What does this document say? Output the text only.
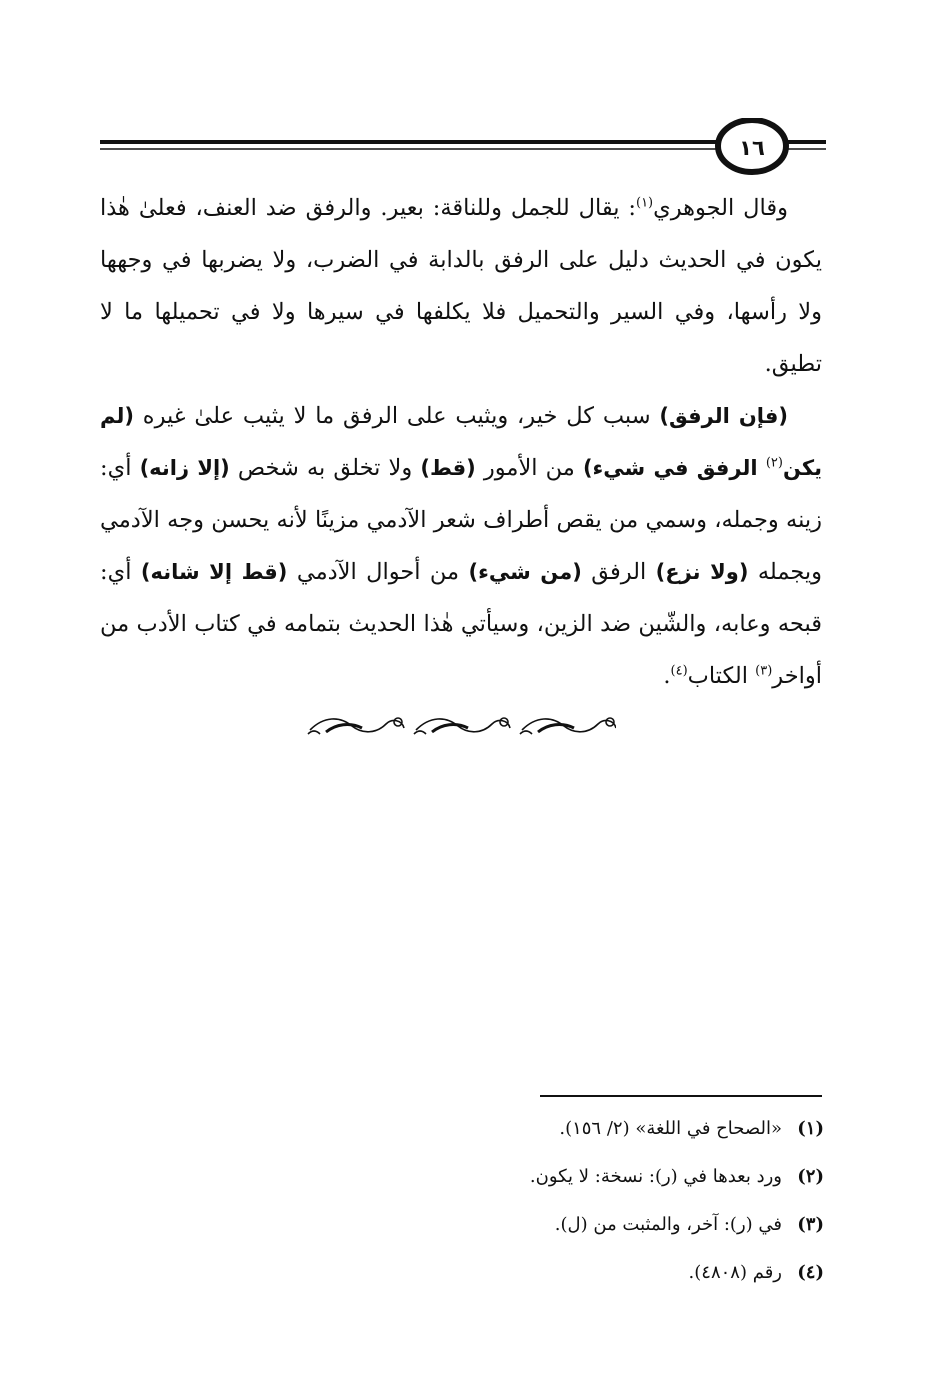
١٦

وقال الجوهري$^{(١)}$: يقال للجمل وللناقة: بعير. والرفق ضد العنف، فعلىٰ هٰذا يكون في الحديث دليل على الرفق بالدابة في الضرب، ولا يضربها في وجهها ولا رأسها، وفي السير والتحميل فلا يكلفها في سيرها ولا في تحميلها ما لا تطيق.

(فإن الرفق) سبب كل خير، ويثيب على الرفق ما لا يثيب علىٰ غيره (لم يكن$^{(٢)}$ الرفق في شيء) من الأمور (قط) ولا تخلق به شخص (إلا زانه) أي: زينه وجمله، وسمي من يقص أطراف شعر الآدمي مزينًا لأنه يحسن وجه الآدمي ويجمله (ولا نزع) الرفق (من شيء) من أحوال الآدمي (قط إلا شانه) أي: قبحه وعابه، والشّين ضد الزين، وسيأتي هٰذا الحديث بتمامه في كتاب الأدب من أواخر$^{(٣)}$ الكتاب$^{(٤)}$.

(١)«الصحاح في اللغة» (٢/ ١٥٦).
(٢)ورد بعدها في (ر): نسخة: لا يكون.
(٣)في (ر): آخر، والمثبت من (ل).
(٤)رقم (٤٨٠٨).
